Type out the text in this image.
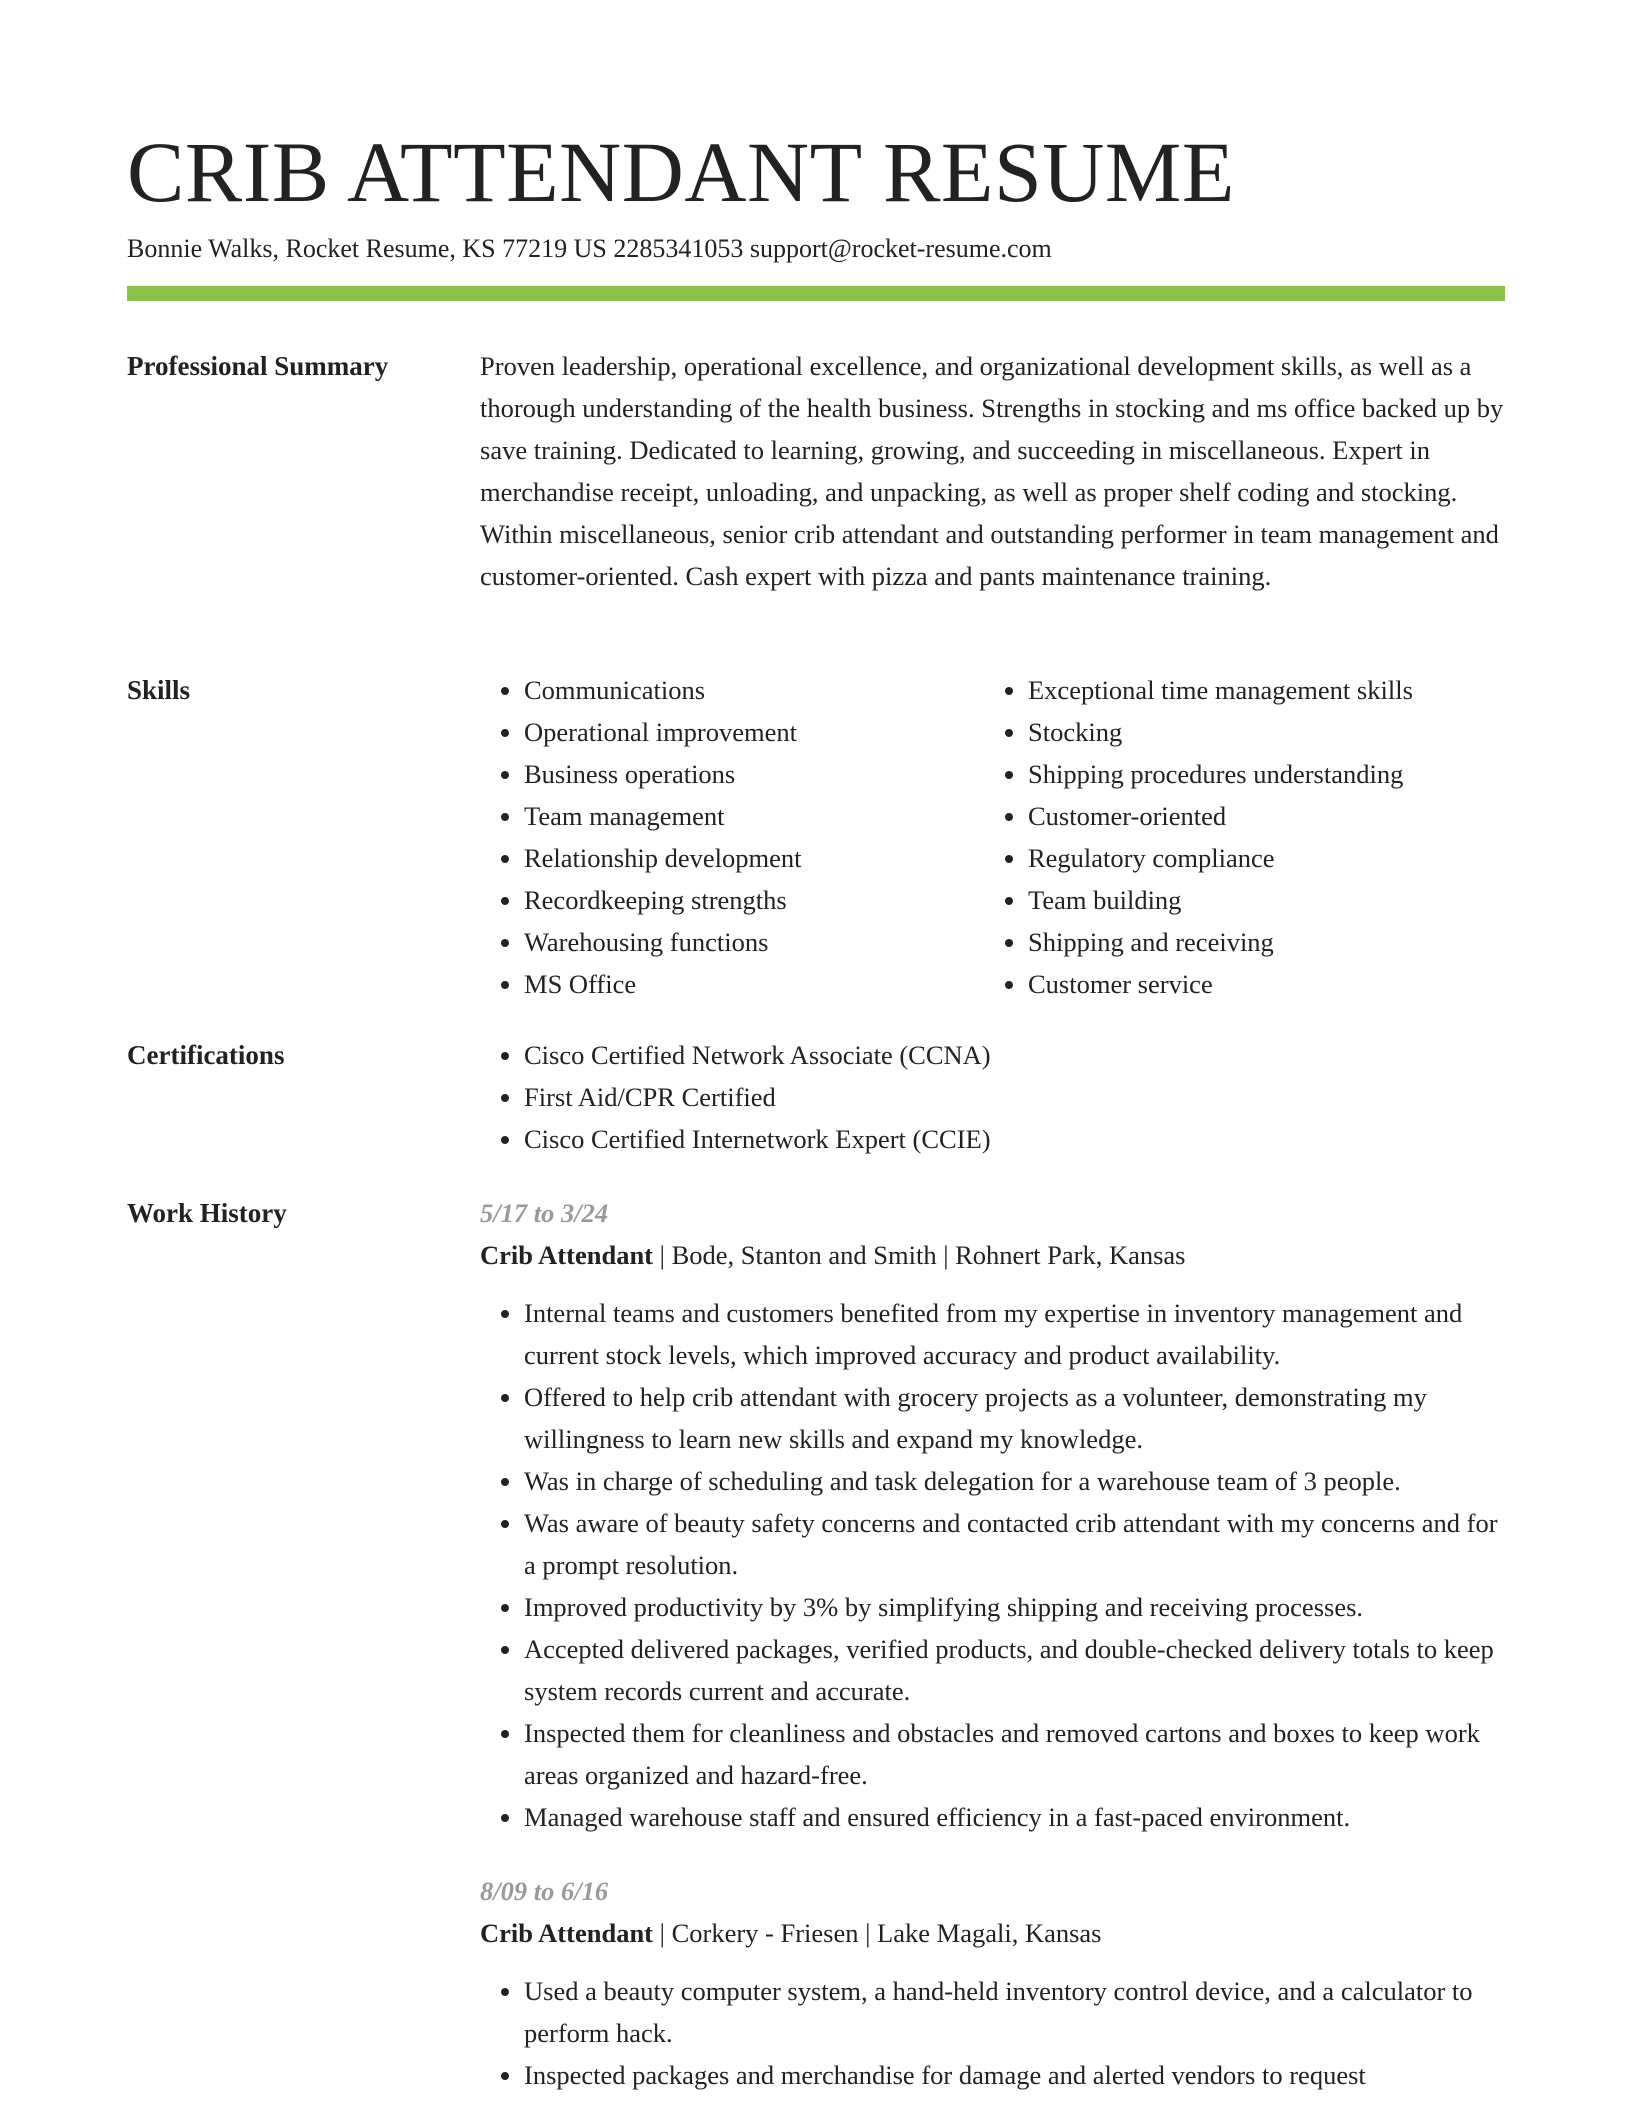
CRIB ATTENDANT RESUME
Bonnie Walks, Rocket Resume, KS 77219 US 2285341053 support@rocket-resume.com
Professional Summary	Proven leadership, operational excellence, and organizational development skills, as well as a thorough understanding of the health business. Strengths in stocking and ms office backed up by save training. Dedicated to learning, growing, and succeeding in miscellaneous. Expert in merchandise receipt, unloading, and unpacking, as well as proper shelf coding and stocking. Within miscellaneous, senior crib attendant and outstanding performer in team management and customer-oriented. Cash expert with pizza and pants maintenance training.

Skills	• Communications
• Operational improvement
• Business operations
• Team management
• Relationship development
• Recordkeeping strengths
• Warehousing functions
• MS Office
• Exceptional time management skills
• Stocking
• Shipping procedures understanding
• Customer-oriented
• Regulatory compliance
• Team building
• Shipping and receiving
• Customer service
Certifications	• Cisco Certified Network Associate (CCNA)
• First Aid/CPR Certified
• Cisco Certified Internetwork Expert (CCIE)
Work History	5/17 to 3/24
Crib Attendant | Bode, Stanton and Smith | Rohnert Park, Kansas
• Internal teams and customers benefited from my expertise in inventory management and current stock levels, which improved accuracy and product availability.
• Offered to help crib attendant with grocery projects as a volunteer, demonstrating my willingness to learn new skills and expand my knowledge.
• Was in charge of scheduling and task delegation for a warehouse team of 3 people.
• Was aware of beauty safety concerns and contacted crib attendant with my concerns and for a prompt resolution.
• Improved productivity by 3% by simplifying shipping and receiving processes.
• Accepted delivered packages, verified products, and double-checked delivery totals to keep system records current and accurate.
• Inspected them for cleanliness and obstacles and removed cartons and boxes to keep work areas organized and hazard-free.
• Managed warehouse staff and ensured efficiency in a fast-paced environment.
8/09 to 6/16
Crib Attendant | Corkery - Friesen | Lake Magali, Kansas
• Used a beauty computer system, a hand-held inventory control device, and a calculator to perform hack.
• Inspected packages and merchandise for damage and alerted vendors to request
